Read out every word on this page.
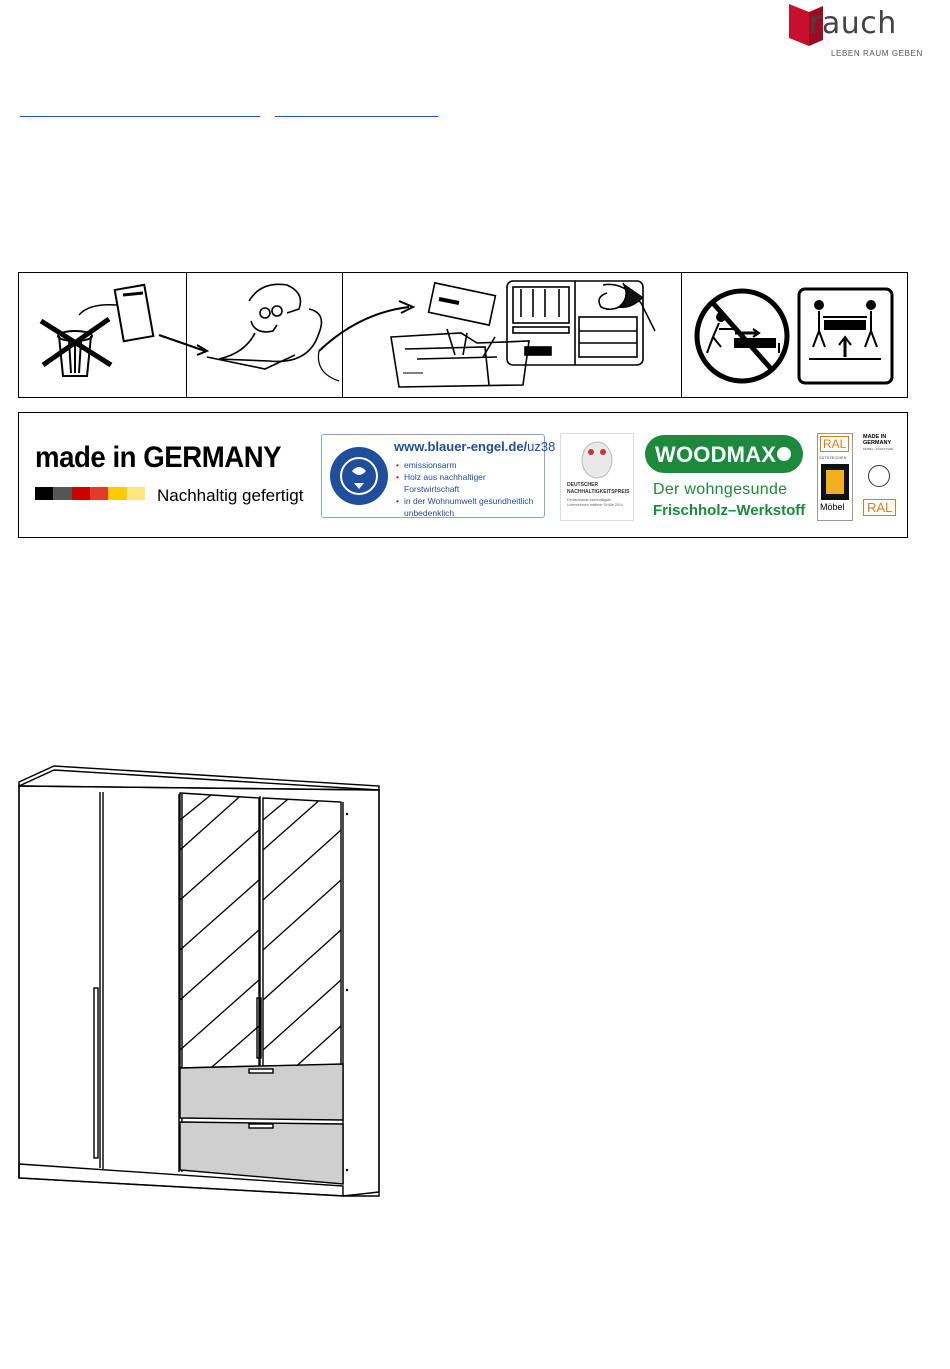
rauch
LEBEN RAUM GEBEN
made in GERMANY
Nachhaltig gefertigt
www.blauer-engel.de/uz38
• emissionsarm
• Holz aus nachhaltiger Forstwirtschaft
• in der Wohnumwelt gesundheitlich unbedenklich
DEUTSCHER NACHHALTIGKEITSPREIS
Deutschlands nachhaltigste Unternehmen mittlerer Größe 2014
WOODMAX
Der wohngesunde
Frischholz–Werkstoff
RAL
GÜTEZEICHEN
Möbel
MADE IN GERMANY
MÖBEL • FURNITURE
RAL
